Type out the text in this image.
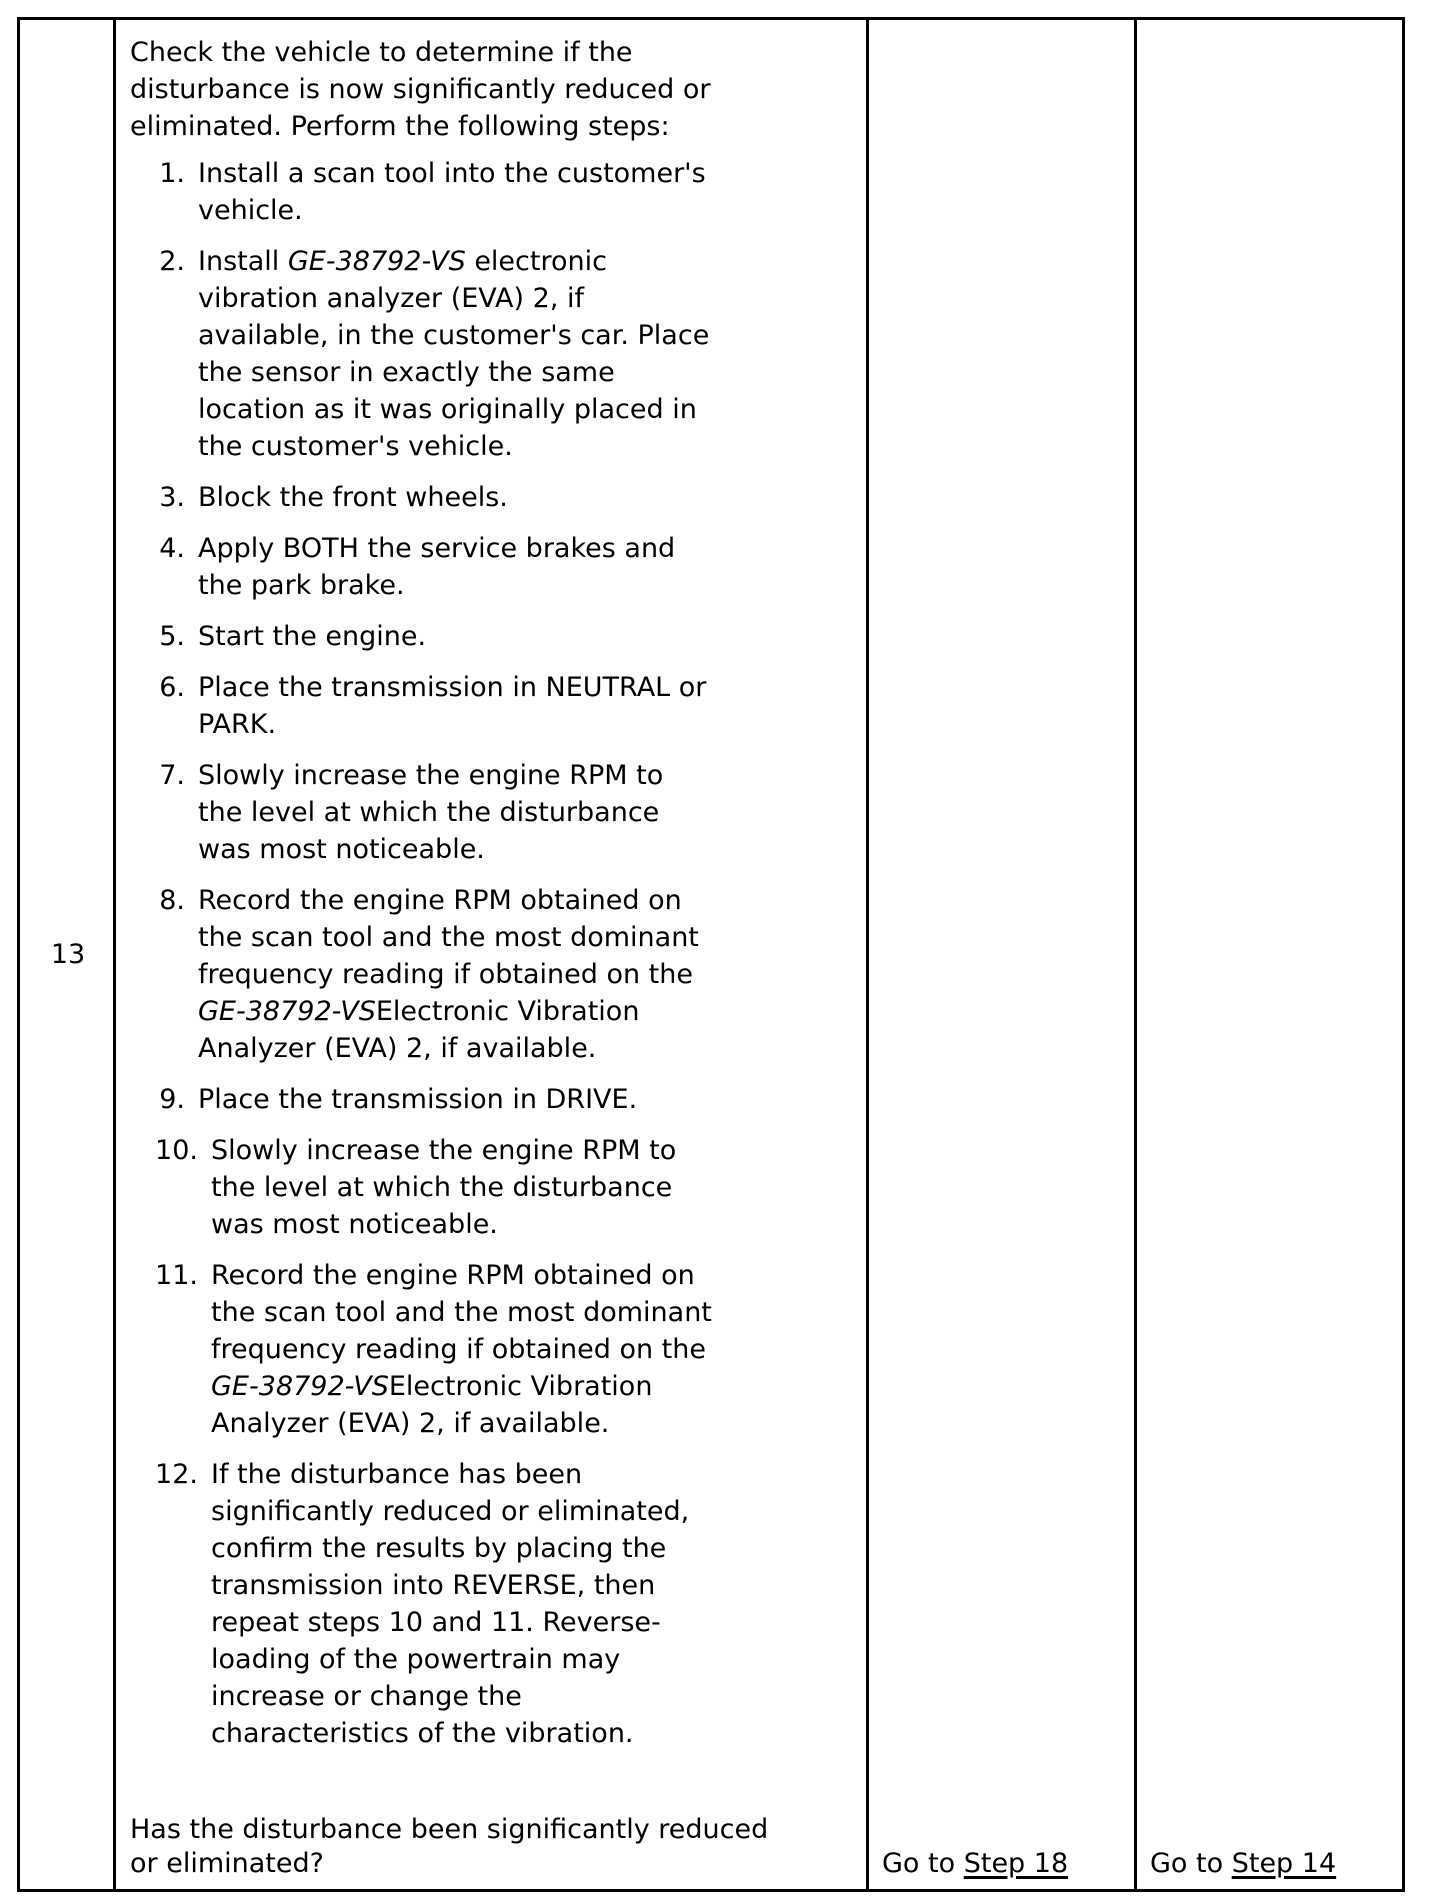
13
Check the vehicle to determine if the
disturbance is now significantly reduced or
eliminated. Perform the following steps:
1. Install a scan tool into the customer's
vehicle.
2. Install GE-38792-VS electronic
vibration analyzer (EVA) 2, if
available, in the customer's car. Place
the sensor in exactly the same
location as it was originally placed in
the customer's vehicle.
3. Block the front wheels.
4. Apply BOTH the service brakes and
the park brake.
5. Start the engine.
6. Place the transmission in NEUTRAL or
PARK.
7. Slowly increase the engine RPM to
the level at which the disturbance
was most noticeable.
8. Record the engine RPM obtained on
the scan tool and the most dominant
frequency reading if obtained on the
GE-38792-VSElectronic Vibration
Analyzer (EVA) 2, if available.
9. Place the transmission in DRIVE.
10. Slowly increase the engine RPM to
the level at which the disturbance
was most noticeable.
11. Record the engine RPM obtained on
the scan tool and the most dominant
frequency reading if obtained on the
GE-38792-VSElectronic Vibration
Analyzer (EVA) 2, if available.
12. If the disturbance has been
significantly reduced or eliminated,
confirm the results by placing the
transmission into REVERSE, then
repeat steps 10 and 11. Reverse-
loading of the powertrain may
increase or change the
characteristics of the vibration.
Has the disturbance been significantly reduced
or eliminated?	Go to Step 18	Go to Step 14
